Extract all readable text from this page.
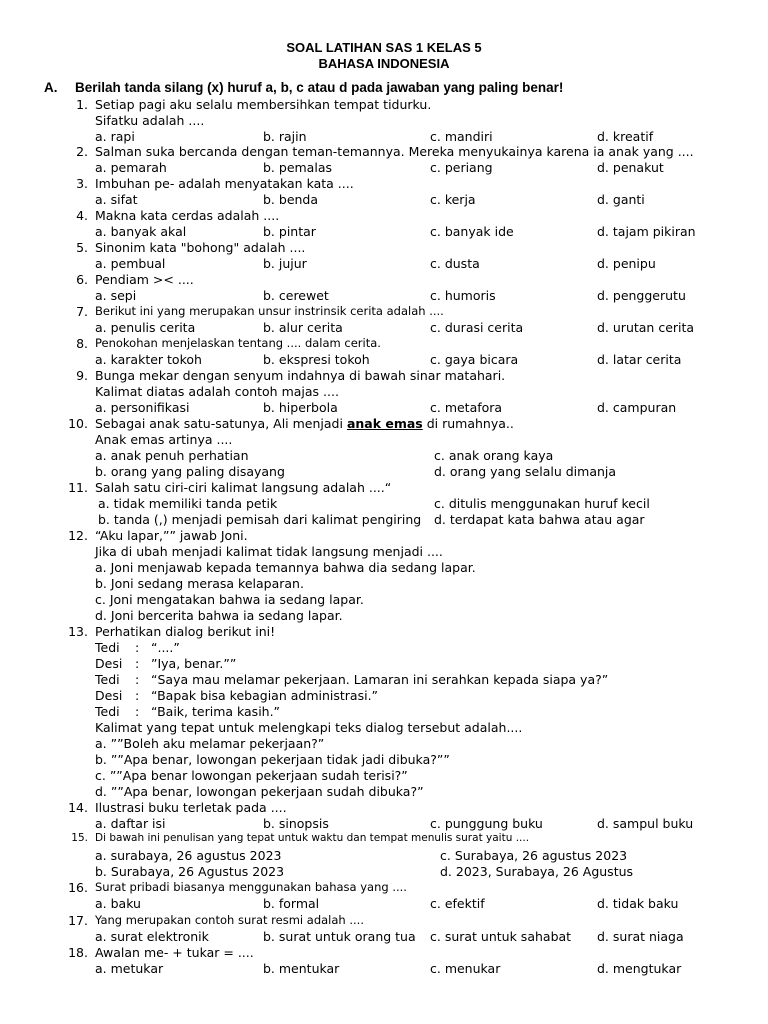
SOAL LATIHAN SAS 1 KELAS 5
BAHASA INDONESIA
A. Berilah tanda silang (x) huruf a, b, c atau d pada jawaban yang paling benar!
1. Setiap pagi aku selalu membersihkan tempat tidurku.
Sifatku adalah ....
a. rapi	b. rajin	c. mandiri	d. kreatif
2. Salman suka bercanda dengan teman-temannya. Mereka menyukainya karena ia anak yang ....
a. pemarah	b. pemalas	c. periang	d. penakut
3. Imbuhan pe- adalah menyatakan kata ....
a. sifat	b. benda	c. kerja	d. ganti
4. Makna kata cerdas adalah ....
a. banyak akal	b. pintar	c. banyak ide	d. tajam pikiran
5. Sinonim kata "bohong" adalah ....
a. pembual	b. jujur	c. dusta	d. penipu
6. Pendiam >< ....
a. sepi	b. cerewet	c. humoris	d. penggerutu
7. Berikut ini yang merupakan unsur instrinsik cerita adalah ....
a. penulis cerita	b. alur cerita	c. durasi cerita	d. urutan cerita
8. Penokohan menjelaskan tentang .... dalam cerita.
a. karakter tokoh	b. ekspresi tokoh	c. gaya bicara	d. latar cerita
9. Bunga mekar dengan senyum indahnya di bawah sinar matahari.
Kalimat diatas adalah contoh majas ....
a. personifikasi	b. hiperbola	c. metafora	d. campuran
10. Sebagai anak satu-satunya, Ali menjadi anak emas di rumahnya..
Anak emas artinya ....
a. anak penuh perhatian	c. anak orang kaya
b. orang yang paling disayang	d. orang yang selalu dimanja
11. Salah satu ciri-ciri kalimat langsung adalah ....“
a. tidak memiliki tanda petik	c. ditulis menggunakan huruf kecil
b. tanda (,) menjadi pemisah dari kalimat pengiring d. terdapat kata bahwa atau agar
12. “Aku lapar,”” jawab Joni.
Jika di ubah menjadi kalimat tidak langsung menjadi ....
a. Joni menjawab kepada temannya bahwa dia sedang lapar.
b. Joni sedang merasa kelaparan.
c. Joni mengatakan bahwa ia sedang lapar.
d. Joni bercerita bahwa ia sedang lapar.
13. Perhatikan dialog berikut ini!
Tedi : “....”
Desi : ”Iya, benar.””
Tedi : “Saya mau melamar pekerjaan. Lamaran ini serahkan kepada siapa ya?”
Desi : “Bapak bisa kebagian administrasi.”
Tedi : “Baik, terima kasih.”
Kalimat yang tepat untuk melengkapi teks dialog tersebut adalah....
a. ””Boleh aku melamar pekerjaan?”
b. ””Apa benar, lowongan pekerjaan tidak jadi dibuka?””
c. ””Apa benar lowongan pekerjaan sudah terisi?”
d. ””Apa benar, lowongan pekerjaan sudah dibuka?”
14. Ilustrasi buku terletak pada ....
a. daftar isi	b. sinopsis	c. punggung buku	d. sampul buku
15. Di bawah ini penulisan yang tepat untuk waktu dan tempat menulis surat yaitu ....
a. surabaya, 26 agustus 2023	c. Surabaya, 26 agustus 2023
b. Surabaya, 26 Agustus 2023	d. 2023, Surabaya, 26 Agustus
16. Surat pribadi biasanya menggunakan bahasa yang ....
a. baku	b. formal	c. efektif	d. tidak baku
17. Yang merupakan contoh surat resmi adalah ....
a. surat elektronik	b. surat untuk orang tua c. surat untuk sahabat d. surat niaga
18. Awalan me- + tukar = ....
a. metukar	b. mentukar	c. menukar	d. mengtukar
